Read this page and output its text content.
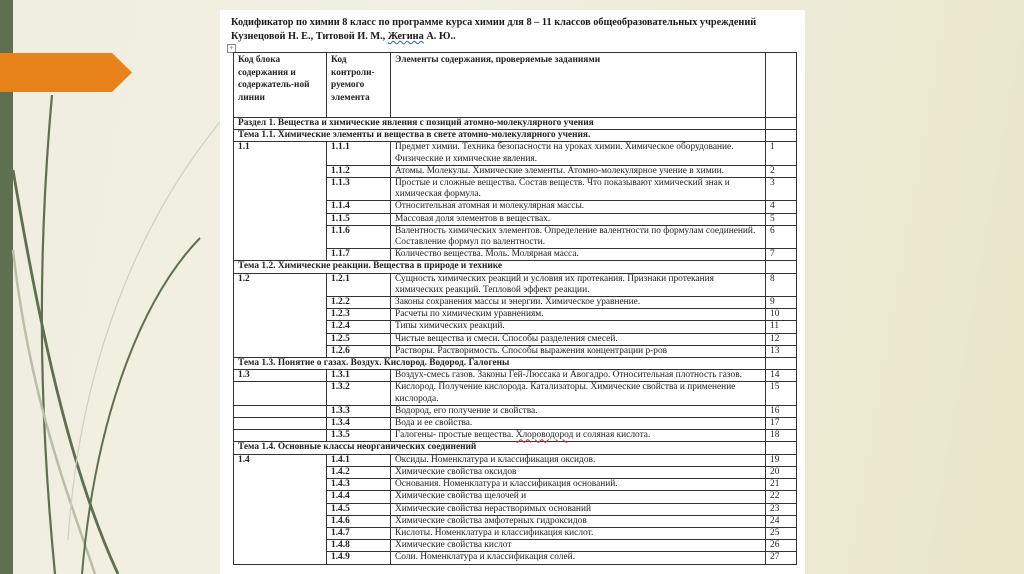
Кодификатор по химии 8 класс по программе курса химии для 8 – 11 классов общеобразовательных учреждений
Кузнецовой Н. Е., Титовой И. М., Жегина А. Ю..
+
Код блока содержания и содержатель-ной линии	Код контроли-руемого элемента	Элементы содержания, проверяемые заданиями	
Раздел 1. Вещества и химические явления с позиций атомно-молекулярного учения			
Тема 1.1. Химические элементы и вещества в свете атомно-молекулярного учения.			
1.1	1.1.1	Предмет химии. Техника безопасности на уроках химии. Химическое оборудование. Физические и химические явления.	1
	1.1.2	Атомы. Молекулы. Химические элементы. Атомно-молекулярное учение в химии.	2
	1.1.3	Простые и сложные вещества. Состав веществ. Что показывают химический знак и химическая формула.	3
	1.1.4	Относительная атомная и молекулярная массы.	4
	1.1.5	Массовая доля элементов в веществах.	5
	1.1.6	Валентность химических элементов. Определение валентности по формулам соединений. Составление формул по валентности.	6
	1.1.7	Количество вещества. Моль. Молярная масса.	7
Тема 1.2. Химические реакции. Вещества в природе и технике			
1.2	1.2.1	Сущность химических реакций и условия их протекания. Признаки протекания химических реакций. Тепловой эффект реакции.	8
	1.2.2	Законы сохранения массы и энергии. Химическое уравнение.	9
	1.2.3	Расчеты по химическим уравнениям.	10
	1.2.4	Типы химических реакций.	11
	1.2.5	Чистые вещества и смеси. Способы разделения смесей.	12
	1.2.6	Растворы. Растворимость. Способы выражения концентрации р-ров	13
Тема 1.3. Понятие о газах. Воздух. Кислород. Водород. Галогены			
1.3	1.3.1	Воздух-смесь газов. Законы Гей-Люссака и Авогадро. Относительная плотность газов.	14
	1.3.2	Кислород. Получение кислорода. Катализаторы. Химические свойства и применение кислорода.	15
	1.3.3	Водород, его получение и свойства.	16
	1.3.4	Вода и ее свойства.	17
	1.3.5	Галогены- простые вещества. Хлороводород и соляная кислота.	18
Тема 1.4. Основные классы неорганических соединений			
1.4	1.4.1	Оксиды. Номенклатура и классификация оксидов.	19
	1.4.2	Химические свойства оксидов	20
	1.4.3	Основания. Номенклатура и классификация оснований.	21
	1.4.4	Химические свойства щелочей и	22
	1.4.5	Химические свойства нерастворимых оснований	23
	1.4.6	Химические свойства амфотерных гидроксидов	24
	1.4.7	Кислоты. Номенклатура и классификация кислот.	25
	1.4.8	Химические свойства кислот	26
	1.4.9	Соли. Номенклатура и классификация солей.	27
